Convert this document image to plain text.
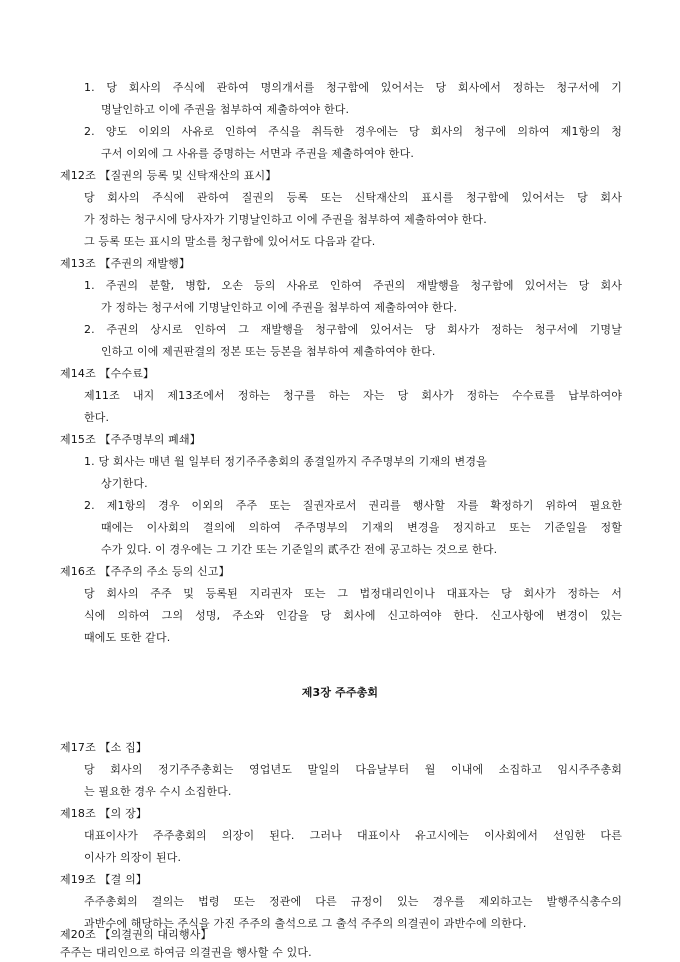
1. 당 회사의 주식에 관하여 명의개서를 청구함에 있어서는 당 회사에서 정하는 청구서에 기
명날인하고 이에 주권을 첨부하여 제출하여야 한다.
2. 양도 이외의 사유로 인하여 주식을 취득한 경우에는 당 회사의 청구에 의하여 제1항의 청
구서 이외에 그 사유를 증명하는 서면과 주권을 제출하여야 한다.
제12조 【질권의 등록 및 신탁재산의 표시】
당 회사의 주식에 관하여 질권의 등록 또는 신탁재산의 표시를 청구함에 있어서는 당 회사
가 정하는 청구시에 당사자가 기명날인하고 이에 주권을 첨부하여 제출하여야 한다.
그 등록 또는 표시의 말소를 청구함에 있어서도 다음과 같다.
제13조 【주권의 재발행】
1. 주권의 분할, 병합, 오손 등의 사유로 인하여 주권의 재발행을 청구함에 있어서는 당 회사
가 정하는 청구서에 기명날인하고 이에 주권을 첨부하여 제출하여야 한다.
2. 주권의 상시로 인하여 그 재발행을 청구함에 있어서는 당 회사가 정하는 청구서에 기명날
인하고 이에 제권판결의 정본 또는 등본을 첨부하여 제출하여야 한다.
제14조 【수수료】
제11조 내지 제13조에서 정하는 청구를 하는 자는 당 회사가 정하는 수수료를 납부하여야
한다.
제15조 【주주명부의 폐쇄】
1. 당 회사는 매년 월 일부터 정기주주총회의 종결일까지 주주명부의 기재의 변경을
상기한다.
2. 제1항의 경우 이외의 주주 또는 질권자로서 권리를 행사할 자를 확정하기 위하여 필요한
때에는 이사회의 결의에 의하여 주주명부의 기재의 변경을 정지하고 또는 기준일을 정할
수가 있다. 이 경우에는 그 기간 또는 기준일의 貳주간 전에 공고하는 것으로 한다.
제16조 【주주의 주소 등의 신고】
당 회사의 주주 및 등록된 지리권자 또는 그 법정대리인이나 대표자는 당 회사가 정하는 서
식에 의하여 그의 성명, 주소와 인감을 당 회사에 신고하여야 한다. 신고사항에 변경이 있는
때에도 또한 같다.
제3장 주주총회
제17조 【소 집】
당 회사의 정기주주총회는 영업년도 말일의 다음날부터 월 이내에 소집하고 임시주주총회
는 필요한 경우 수시 소집한다.
제18조 【의 장】
대표이사가 주주총회의 의장이 된다. 그러나 대표이사 유고시에는 이사회에서 선임한 다른
이사가 의장이 된다.
제19조 【결 의】
주주총회의 결의는 법령 또는 정관에 다른 규정이 있는 경우를 제외하고는 발행주식총수의
과반수에 해당하는 주식을 가진 주주의 출석으로 그 출석 주주의 의결권이 과반수에 의한다.
제20조 【의결권의 대리행사】
주주는 대리인으로 하여금 의결권을 행사할 수 있다.
